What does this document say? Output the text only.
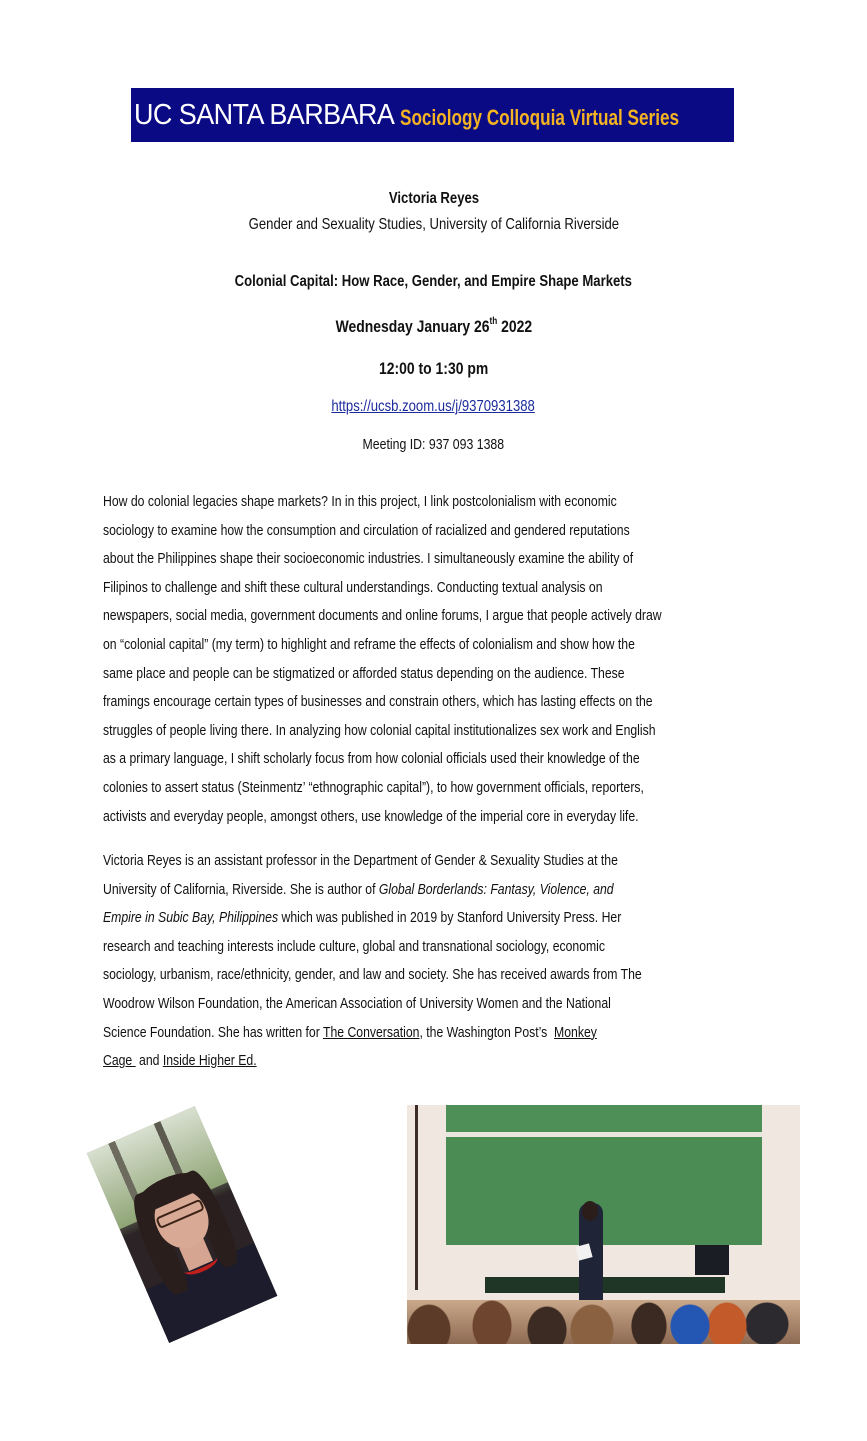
UC SANTA BARBARA Sociology Colloquia Virtual Series
Victoria Reyes
Gender and Sexuality Studies, University of California Riverside
Colonial Capital: How Race, Gender, and Empire Shape Markets
Wednesday January 26th 2022
12:00 to 1:30 pm
https://ucsb.zoom.us/j/9370931388
Meeting ID: 937 093 1388
How do colonial legacies shape markets? In in this project, I link postcolonialism with economic
sociology to examine how the consumption and circulation of racialized and gendered reputations
about the Philippines shape their socioeconomic industries. I simultaneously examine the ability of
Filipinos to challenge and shift these cultural understandings. Conducting textual analysis on
newspapers, social media, government documents and online forums, I argue that people actively draw
on “colonial capital” (my term) to highlight and reframe the effects of colonialism and show how the
same place and people can be stigmatized or afforded status depending on the audience. These
framings encourage certain types of businesses and constrain others, which has lasting effects on the
struggles of people living there. In analyzing how colonial capital institutionalizes sex work and English
as a primary language, I shift scholarly focus from how colonial officials used their knowledge of the
colonies to assert status (Steinmentz’ “ethnographic capital”), to how government officials, reporters,
activists and everyday people, amongst others, use knowledge of the imperial core in everyday life.
Victoria Reyes is an assistant professor in the Department of Gender & Sexuality Studies at the
University of California, Riverside. She is author of Global Borderlands: Fantasy, Violence, and
Empire in Subic Bay, Philippines which was published in 2019 by Stanford University Press. Her
research and teaching interests include culture, global and transnational sociology, economic
sociology, urbanism, race/ethnicity, gender, and law and society. She has received awards from The
Woodrow Wilson Foundation, the American Association of University Women and the National
Science Foundation. She has written for The Conversation, the Washington Post’s  Monkey
Cage  and Inside Higher Ed.
